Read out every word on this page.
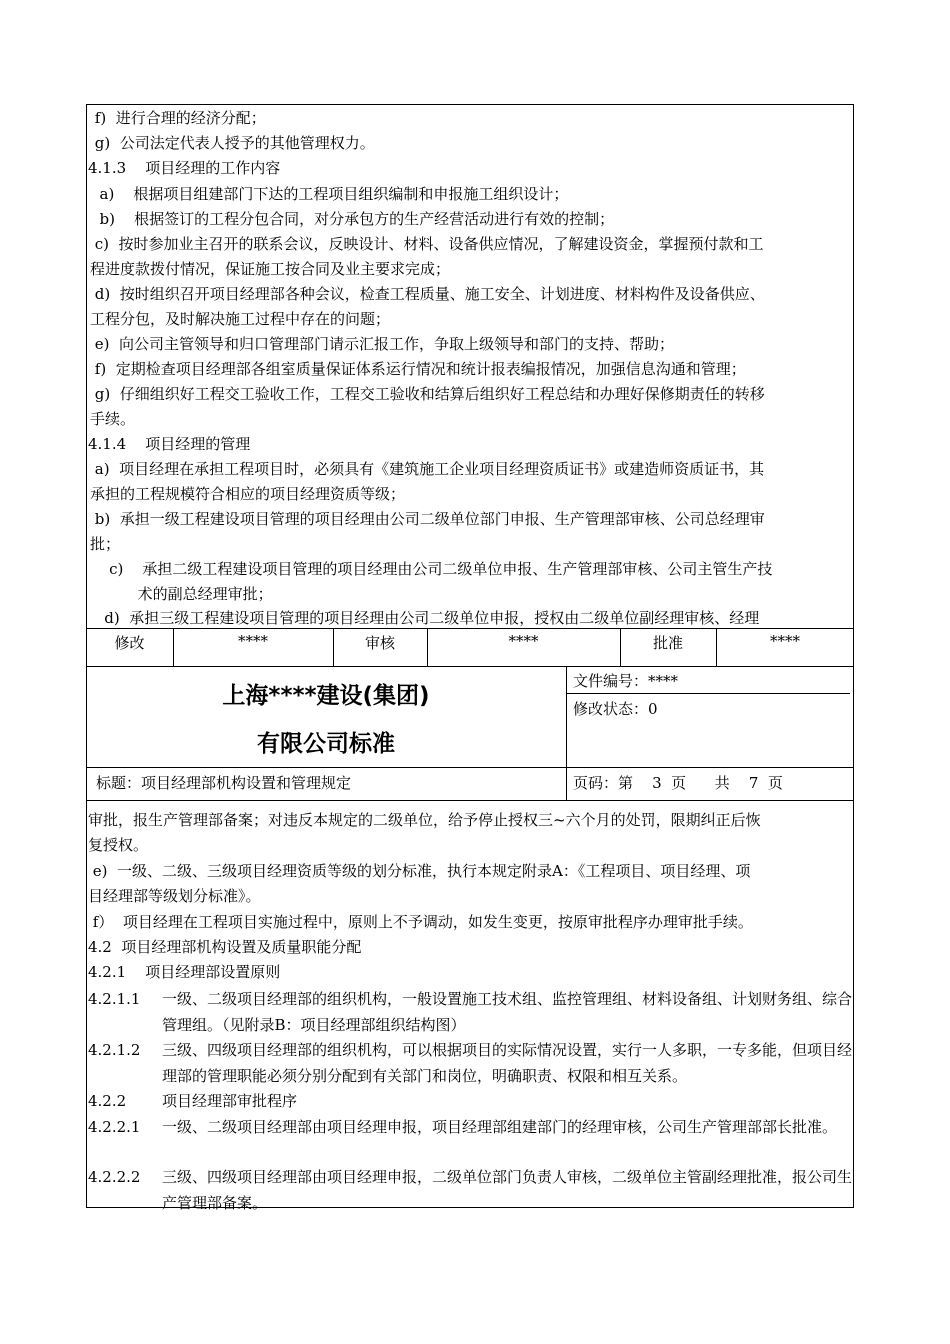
f)  进行合理的经济分配；
g)  公司法定代表人授予的其他管理权力。
4.1.3    项目经理的工作内容
a)    根据项目组建部门下达的工程项目组织编制和申报施工组织设计；
b)    根据签订的工程分包合同，对分承包方的生产经营活动进行有效的控制；
c)  按时参加业主召开的联系会议，反映设计、材料、设备供应情况，了解建设资金，掌握预付款和工
程进度款拨付情况，保证施工按合同及业主要求完成；
d)  按时组织召开项目经理部各种会议，检查工程质量、施工安全、计划进度、材料构件及设备供应、
工程分包，及时解决施工过程中存在的问题；
e)  向公司主管领导和归口管理部门请示汇报工作，争取上级领导和部门的支持、帮助；
f)  定期检查项目经理部各组室质量保证体系运行情况和统计报表编报情况，加强信息沟通和管理；
g)  仔细组织好工程交工验收工作，工程交工验收和结算后组织好工程总结和办理好保修期责任的转移
手续。
4.1.4    项目经理的管理
a)  项目经理在承担工程项目时，必须具有《建筑施工企业项目经理资质证书》或建造师资质证书，其
承担的工程规模符合相应的项目经理资质等级；
b)  承担一级工程建设项目管理的项目经理由公司二级单位部门申报、生产管理部审核、公司总经理审
批；
c)    承担二级工程建设项目管理的项目经理由公司二级单位申报、生产管理部审核、公司主管生产技
术的副总经理审批；
d)  承担三级工程建设项目管理的项目经理由公司二级单位申报，授权由二级单位副经理审核、经理
修改	****	审核	****	批准	****
上海****建设(集团)
有限公司标准
文件编号：****
修改状态：0
标题：项目经理部机构设置和管理规定	页码：第    3  页      共    7  页
审批，报生产管理部备案；对违反本规定的二级单位，给予停止授权三~六个月的处罚，限期纠正后恢
复授权。
e)  一级、二级、三级项目经理资质等级的划分标准，执行本规定附录A：《工程项目、项目经理、项
目经理部等级划分标准》。
f）  项目经理在工程项目实施过程中，原则上不予调动，如发生变更，按原审批程序办理审批手续。
4.2  项目经理部机构设置及质量职能分配
4.2.1    项目经理部设置原则
4.2.1.1 一级、二级项目经理部的组织机构，一般设置施工技术组、监控管理组、材料设备组、计划财务组、综合管理组。（见附录B：项目经理部组织结构图）
4.2.1.2 三级、四级项目经理部的组织机构，可以根据项目的实际情况设置，实行一人多职，一专多能，但项目经理部的管理职能必须分别分配到有关部门和岗位，明确职责、权限和相互关系。
4.2.2 项目经理部审批程序
4.2.2.1 一级、二级项目经理部由项目经理申报，项目经理部组建部门的经理审核，公司生产管理部部长批准。
4.2.2.2 三级、四级项目经理部由项目经理申报，二级单位部门负责人审核，二级单位主管副经理批准，报公司生产管理部备案。
